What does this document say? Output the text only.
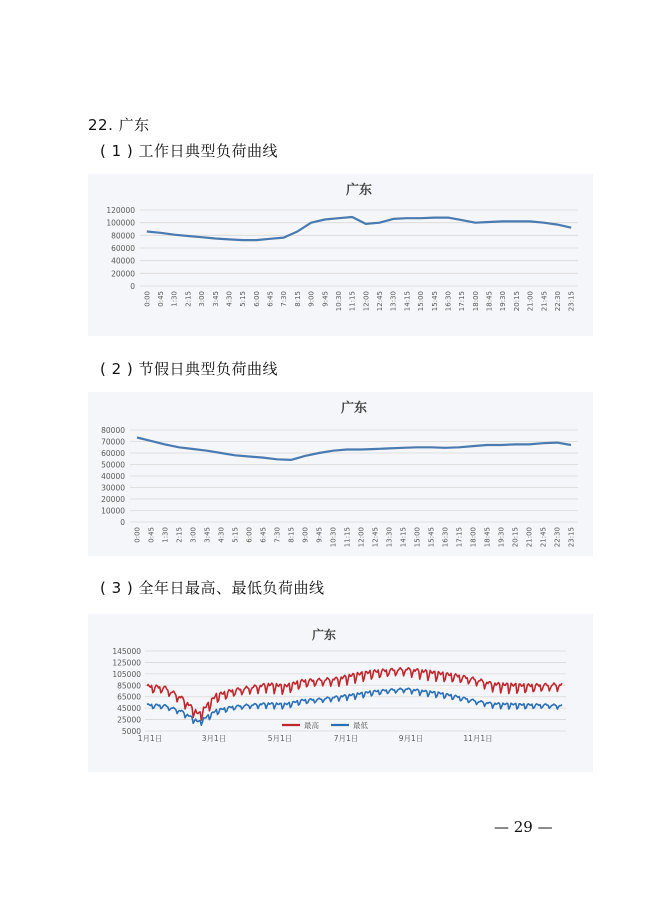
22. 广东
( 1 ) 工作日典型负荷曲线
( 2 ) 节假日典型负荷曲线
( 3 ) 全年日最高、最低负荷曲线
广东
0
20000
40000
60000
80000
100000
120000
0:00 0:45 1:30 2:15 3:00 3:45 4:30 5:15 6:00 6:45 7:30 8:15 9:00 9:45 10:30 11:15 12:00 12:45 13:30 14:15 15:00 15:45 16:30 17:15 18:00 18:45 19:30 20:15 21:00 21:45 22:30 23:15
广东
0
10000
20000
30000
40000
50000
60000
70000
80000
0:00 0:45 1:30 2:15 3:00 3:45 4:30 5:15 6:00 6:45 7:30 8:15 9:00 9:45 10:30 11:15 12:00 12:45 13:30 14:15 15:00 15:45 16:30 17:15 18:00 18:45 19:30 20:15 21:00 21:45 22:30 23:15
广东
5000
25000
45000
65000
85000
105000
125000
145000
1月1日	3月1日	5月1日	7月1日	9月1日	11月1日
最高	最低
— 29 —
